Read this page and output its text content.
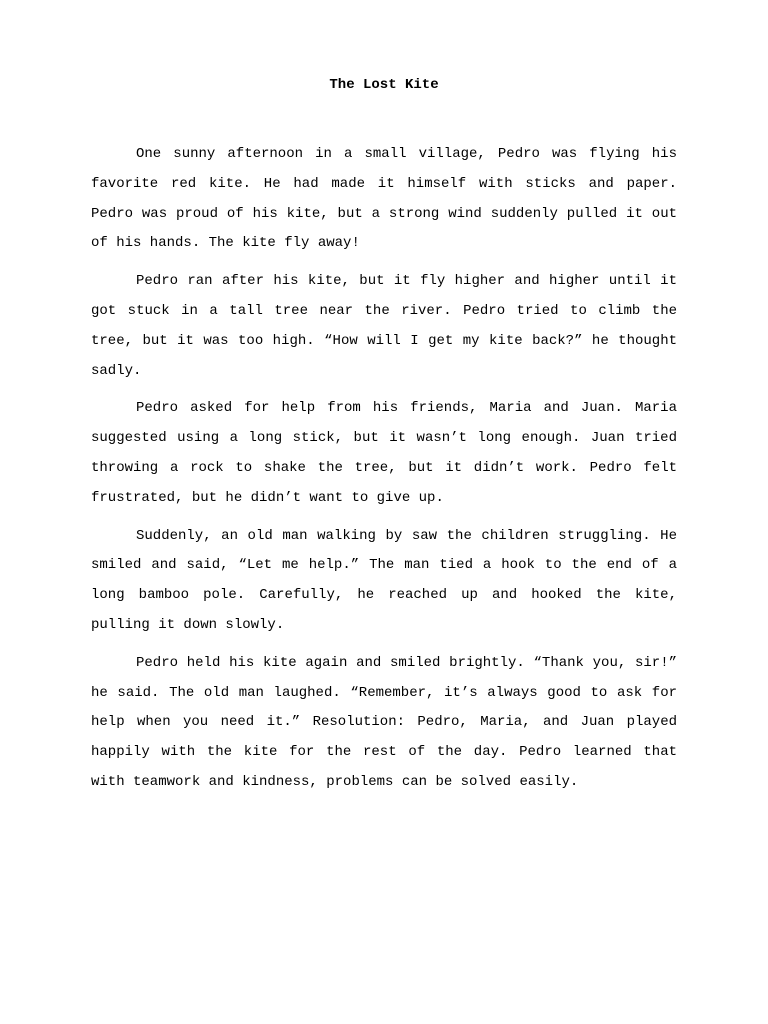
The Lost Kite

One sunny afternoon in a small village, Pedro was flying his favorite red kite. He had made it himself with sticks and paper. Pedro was proud of his kite, but a strong wind suddenly pulled it out of his hands. The kite fly away!

Pedro ran after his kite, but it fly higher and higher until it got stuck in a tall tree near the river. Pedro tried to climb the tree, but it was too high. “How will I get my kite back?” he thought sadly.

Pedro asked for help from his friends, Maria and Juan. Maria suggested using a long stick, but it wasn’t long enough. Juan tried throwing a rock to shake the tree, but it didn’t work. Pedro felt frustrated, but he didn’t want to give up.

Suddenly, an old man walking by saw the children struggling. He smiled and said, “Let me help.” The man tied a hook to the end of a long bamboo pole. Carefully, he reached up and hooked the kite, pulling it down slowly.

Pedro held his kite again and smiled brightly. “Thank you, sir!” he said. The old man laughed. “Remember, it’s always good to ask for help when you need it.” Resolution: Pedro, Maria, and Juan played happily with the kite for the rest of the day. Pedro learned that with teamwork and kindness, problems can be solved easily.
